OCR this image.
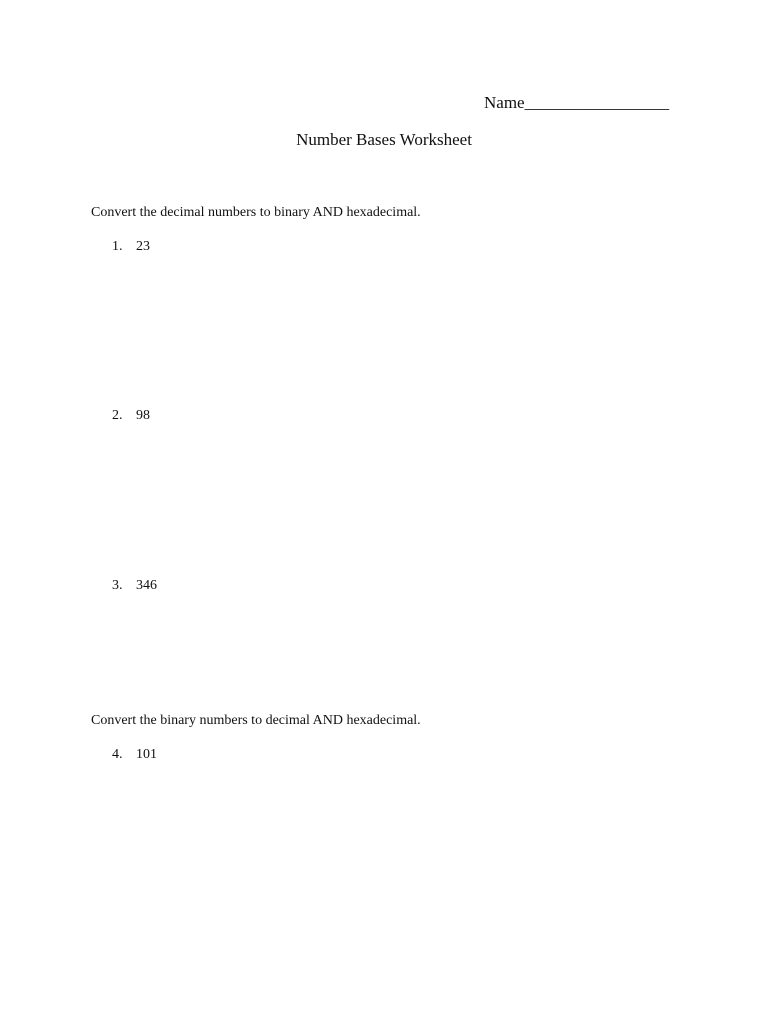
Name_________________
Number Bases Worksheet
Convert the decimal numbers to binary AND hexadecimal.
1. 23
2. 98
3. 346
Convert the binary numbers to decimal AND hexadecimal.
4. 101
